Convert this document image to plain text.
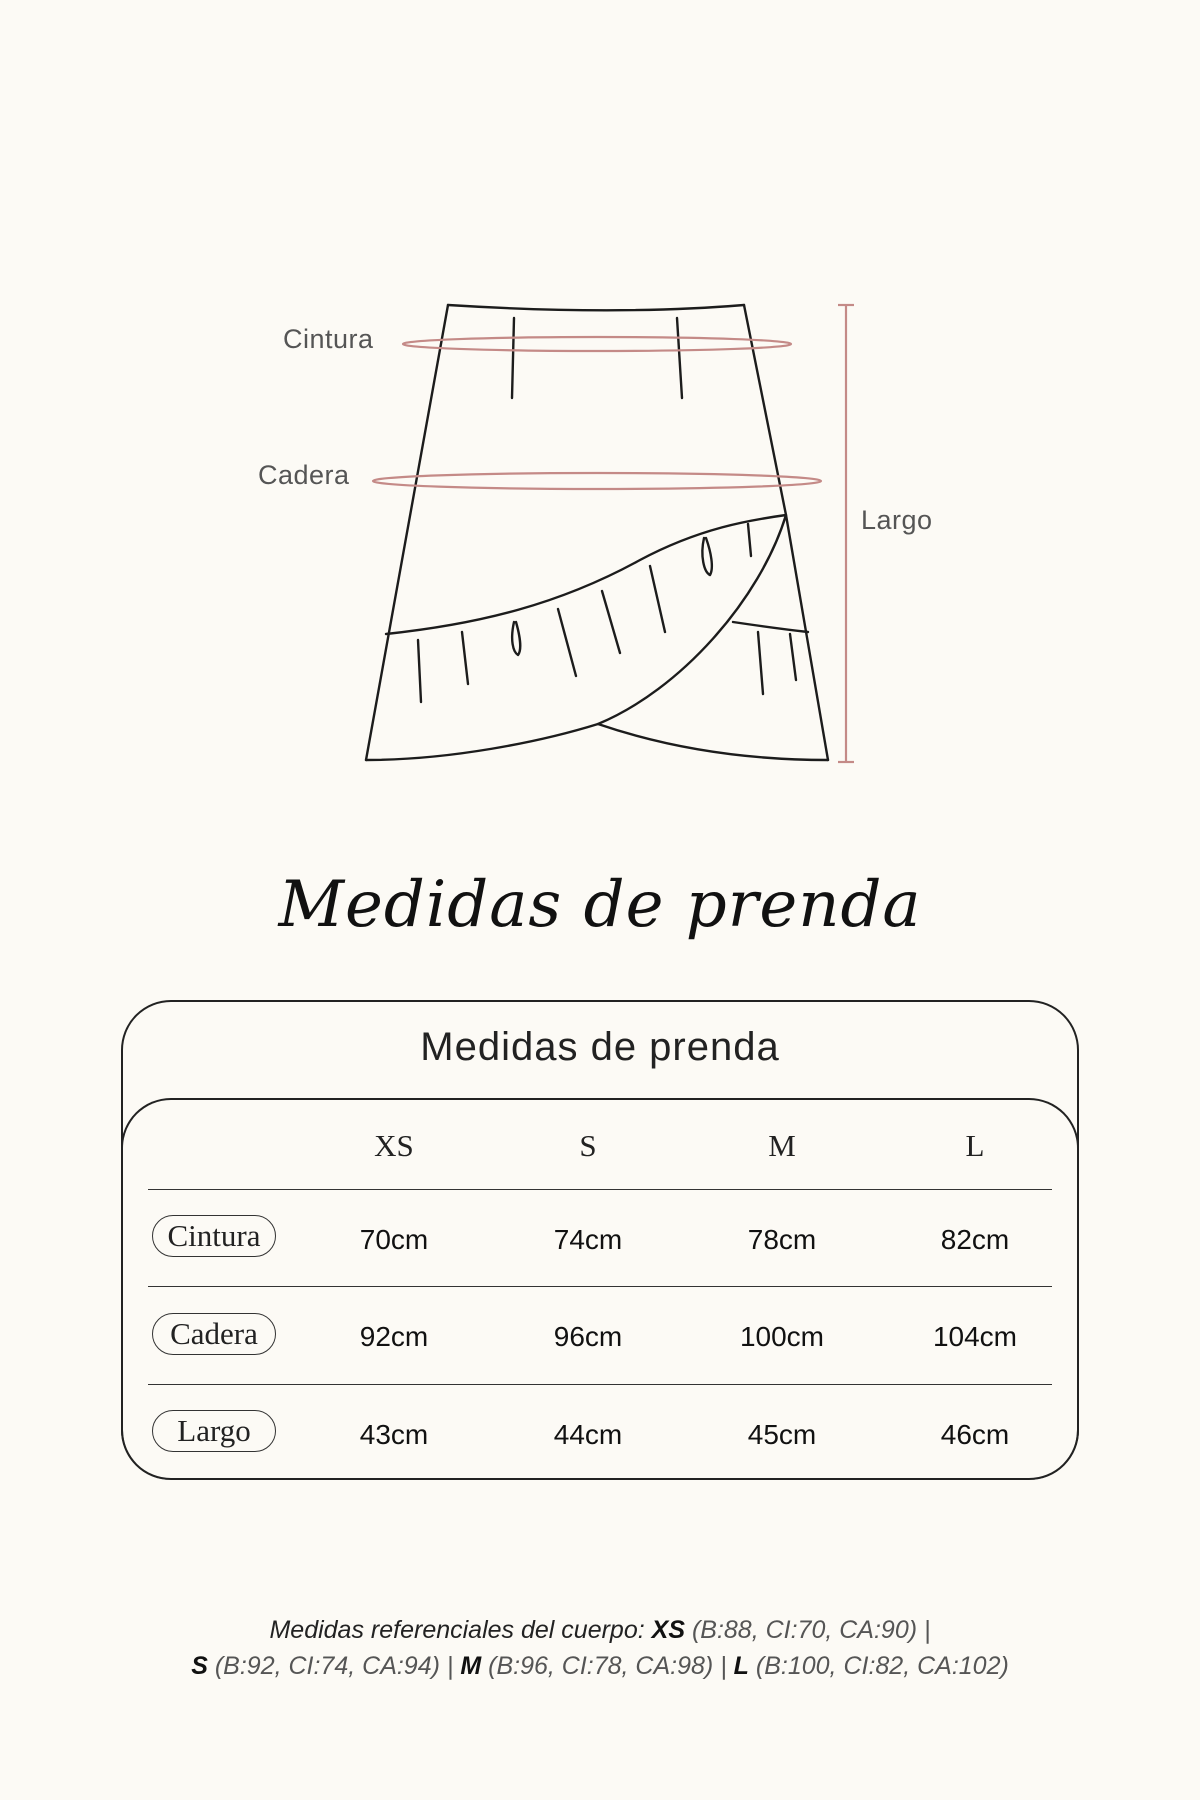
Cintura
Cadera
Largo
Medidas de prenda
Medidas de prenda
XS	S	M	L
Cintura	70cm	74cm	78cm	82cm
Cadera	92cm	96cm	100cm	104cm
Largo	43cm	44cm	45cm	46cm
Medidas referenciales del cuerpo: XS (B:88, CI:70, CA:90) |
S (B:92, CI:74, CA:94) | M (B:96, CI:78, CA:98) | L (B:100, CI:82, CA:102)
